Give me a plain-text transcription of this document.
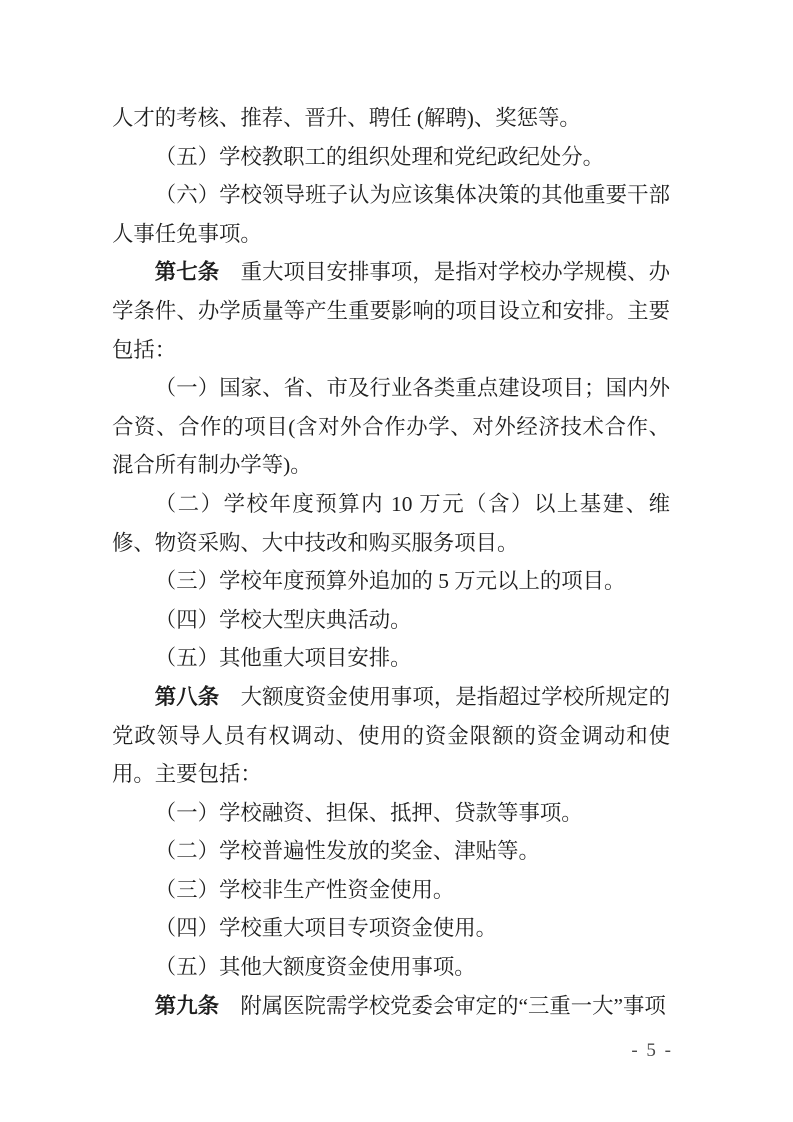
人才的考核、推荐、晋升、聘任 (解聘)、奖惩等。

（五）学校教职工的组织处理和党纪政纪处分。

（六）学校领导班子认为应该集体决策的其他重要干部人事任免事项。

第七条 重大项目安排事项，是指对学校办学规模、办学条件、办学质量等产生重要影响的项目设立和安排。主要包括：

（一）国家、省、市及行业各类重点建设项目；国内外合资、合作的项目(含对外合作办学、对外经济技术合作、混合所有制办学等)。

（二）学校年度预算内 10 万元（含）以上基建、维修、物资采购、大中技改和购买服务项目。

（三）学校年度预算外追加的 5 万元以上的项目。

（四）学校大型庆典活动。

（五）其他重大项目安排。

第八条 大额度资金使用事项，是指超过学校所规定的党政领导人员有权调动、使用的资金限额的资金调动和使用。主要包括：

（一）学校融资、担保、抵押、贷款等事项。

（二）学校普遍性发放的奖金、津贴等。

（三）学校非生产性资金使用。

（四）学校重大项目专项资金使用。

（五）其他大额度资金使用事项。

第九条 附属医院需学校党委会审定的“三重一大”事项

- 5 -
